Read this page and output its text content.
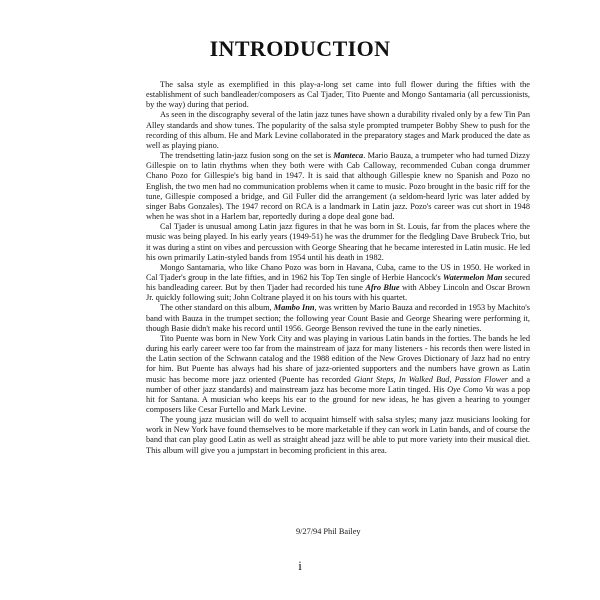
INTRODUCTION

The salsa style as exemplified in this play-a-long set came into full flower during the fifties with the establishment of such bandleader/composers as Cal Tjader, Tito Puente and Mongo Santamaria (all percussionists, by the way) during that period.

As seen in the discography several of the latin jazz tunes have shown a durability rivaled only by a few Tin Pan Alley standards and show tunes. The popularity of the salsa style prompted trumpeter Bobby Shew to push for the recording of this album. He and Mark Levine collaborated in the preparatory stages and Mark produced the date as well as playing piano.

The trendsetting latin-jazz fusion song on the set is Manteca. Mario Bauza, a trumpeter who had turned Dizzy Gillespie on to latin rhythms when they both were with Cab Calloway, recommended Cuban conga drummer Chano Pozo for Gillespie's big band in 1947. It is said that although Gillespie knew no Spanish and Pozo no English, the two men had no communication problems when it came to music. Pozo brought in the basic riff for the tune, Gillespie composed a bridge, and Gil Fuller did the arrangement (a seldom-heard lyric was later added by singer Babs Gonzales). The 1947 record on RCA is a landmark in Latin jazz. Pozo's career was cut short in 1948 when he was shot in a Harlem bar, reportedly during a dope deal gone bad.

Cal Tjader is unusual among Latin jazz figures in that he was born in St. Louis, far from the places where the music was being played. In his early years (1949-51) he was the drummer for the fledgling Dave Brubeck Trio, but it was during a stint on vibes and percussion with George Shearing that he became interested in Latin music. He led his own primarily Latin-styled bands from 1954 until his death in 1982.

Mongo Santamaria, who like Chano Pozo was born in Havana, Cuba, came to the US in 1950. He worked in Cal Tjader's group in the late fifties, and in 1962 his Top Ten single of Herbie Hancock's Watermelon Man secured his bandleading career. But by then Tjader had recorded his tune Afro Blue with Abbey Lincoln and Oscar Brown Jr. quickly following suit; John Coltrane played it on his tours with his quartet.

The other standard on this album, Mambo Inn, was written by Mario Bauza and recorded in 1953 by Machito's band with Bauza in the trumpet section; the following year Count Basie and George Shearing were performing it, though Basie didn't make his record until 1956. George Benson revived the tune in the early nineties.

Tito Puente was born in New York City and was playing in various Latin bands in the forties. The bands he led during his early career were too far from the mainstream of jazz for many listeners - his records then were listed in the Latin section of the Schwann catalog and the 1988 edition of the New Groves Dictionary of Jazz had no entry for him. But Puente has always had his share of jazz-oriented supporters and the numbers have grown as Latin music has become more jazz oriented (Puente has recorded Giant Steps, In Walked Bud, Passion Flower and a number of other jazz standards) and mainstream jazz has become more Latin tinged. His Oye Como Va was a pop hit for Santana. A musician who keeps his ear to the ground for new ideas, he has given a hearing to younger composers like Cesar Furtello and Mark Levine.

The young jazz musician will do well to acquaint himself with salsa styles; many jazz musicians looking for work in New York have found themselves to be more marketable if they can work in Latin bands, and of course the band that can play good Latin as well as straight ahead jazz will be able to put more variety into their musical diet. This album will give you a jumpstart in becoming proficient in this area.

9/27/94 Phil Bailey
i
